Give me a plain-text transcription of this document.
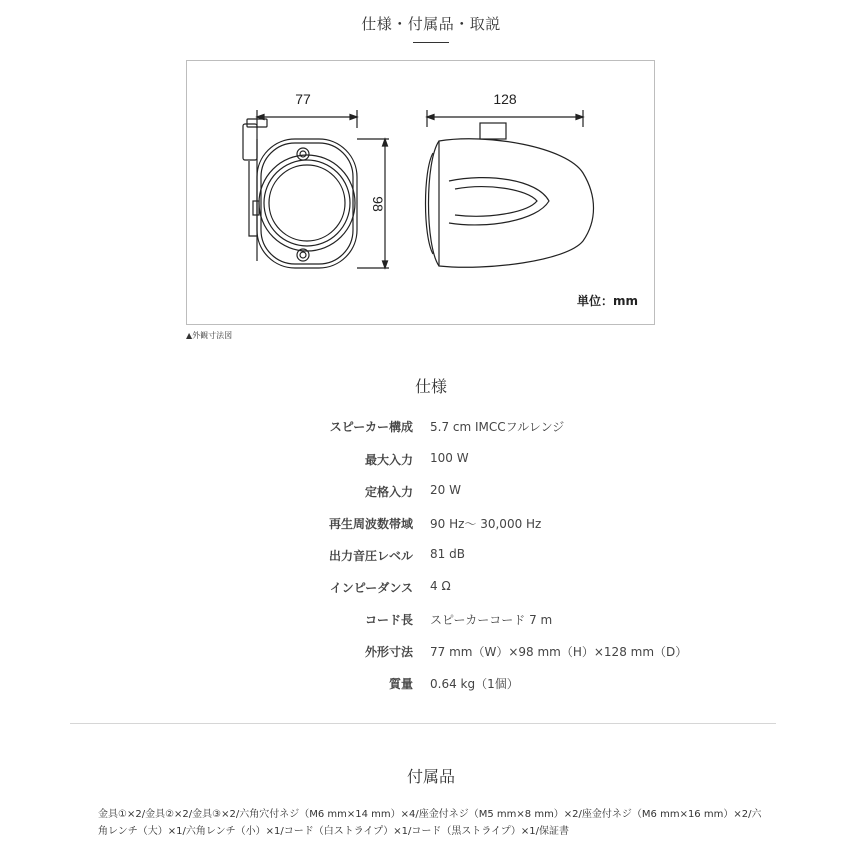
仕様・付属品・取説
77	128
98
単位：mm
▲外観寸法図
仕様
スピーカー構成 5.7 cm IMCCフルレンジ
最大入力 100 W
定格入力 20 W
再生周波数帯域 90 Hz〜 30,000 Hz
出力音圧レベル 81 dB
インピーダンス 4 Ω
コード長 スピーカーコード 7 m
外形寸法 77 mm（W）×98 mm（H）×128 mm（D）
質量 0.64 kg（1個）
付属品
金具①×2/金具②×2/金具③×2/六角穴付ネジ（M6 mm×14 mm）×4/座金付ネジ（M5 mm×8 mm）×2/座金付ネジ（M6 mm×16 mm）×2/六角レンチ（大）×1/六角レンチ（小）×1/コード（白ストライプ）×1/コード（黒ストライプ）×1/保証書
